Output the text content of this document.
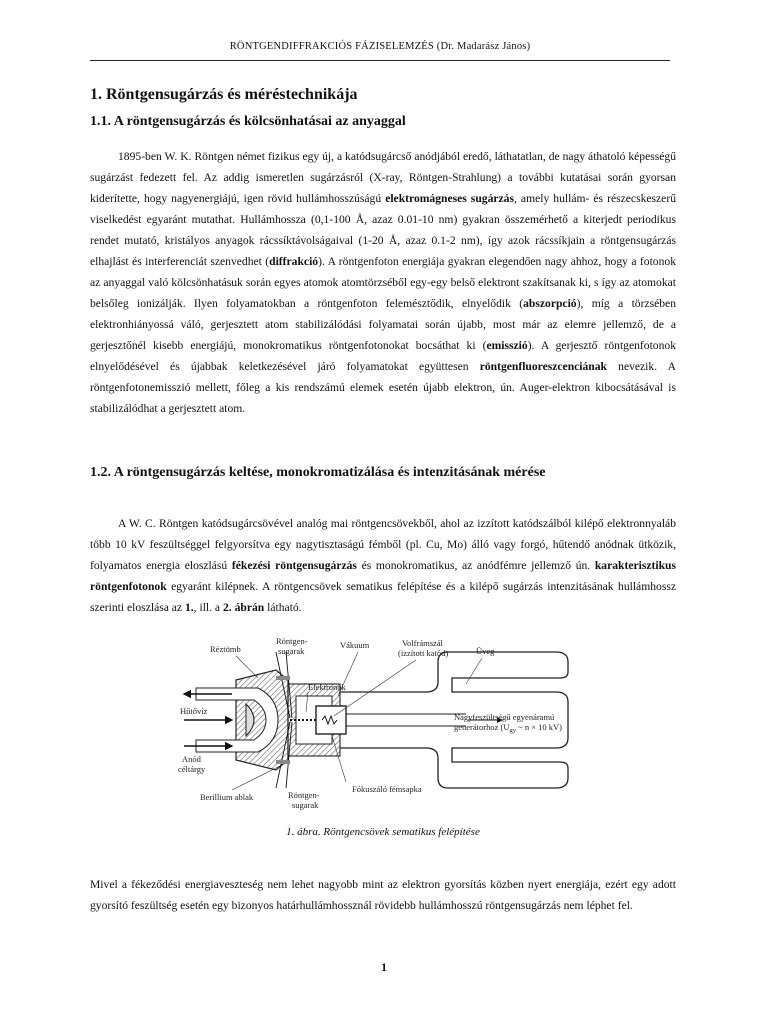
RÖNTGENDIFFRAKCIÓS FÁZISELEMZÉS (Dr. Madarász János)
1. Röntgensugárzás és méréstechnikája
1.1. A röntgensugárzás és kölcsönhatásai az anyaggal

1895-ben W. K. Röntgen német fizikus egy új, a katódsugárcső anódjából eredő, láthatatlan, de nagy áthatoló képességű sugárzást fedezett fel. Az addig ismeretlen sugárzásról (X-ray, Röntgen-Strahlung) a további kutatásai során gyorsan kiderítette, hogy nagyenergiájú, igen rövid hullámhosszúságú elektromágneses sugárzás, amely hullám- és részecskeszerű viselkedést egyaránt mutathat. Hullámhossza (0,1-100 Å, azaz 0.01-10 nm) gyakran összemérhető a kiterjedt periodikus rendet mutató, kristályos anyagok rácssíktávolságaival (1-20 Å, azaz 0.1-2 nm), így azok rácssíkjain a röntgensugárzás elhajlást és interferenciát szenvedhet (diffrakció). A röntgenfoton energiája gyakran elegendően nagy ahhoz, hogy a fotonok az anyaggal való kölcsönhatásuk során egyes atomok atomtörzséből egy-egy belső elektront szakítsanak ki, s így az atomokat belsőleg ionizálják. Ilyen folyamatokban a röntgenfoton felemésztődik, elnyelődik (abszorpció), míg a törzsében elektronhiányossá váló, gerjesztett atom stabilizálódási folyamatai során újabb, most már az elemre jellemző, de a gerjesztőnél kisebb energiájú, monokromatikus röntgenfotonokat bocsáthat ki (emisszió). A gerjesztő röntgenfotonok elnyelődésével és újabbak keletkezésével járó folyamatokat együttesen röntgenfluoreszcenciának nevezik. A röntgenfotonemisszió mellett, főleg a kis rendszámú elemek esetén újabb elektron, ún. Auger-elektron kibocsátásával is stabilizálódhat a gerjesztett atom.

1.2. A röntgensugárzás keltése, monokromatizálása és intenzitásának mérése

A W. C. Röntgen katódsugárcsövével analóg mai röntgencsövekből, ahol az izzított katódszálból kilépő elektronnyaláb több 10 kV feszültséggel felgyorsítva egy nagytisztaságú fémből (pl. Cu, Mo) álló vagy forgó, hűtendő anódnak ütközik, folyamatos energia eloszlású fékezési röntgensugárzás és monokromatikus, az anódfémre jellemző ún. karakterisztikus röntgenfotonok egyaránt kilépnek. A röntgencsövek sematikus felépítése és a kilépő sugárzás intenzitásának hullámhossz szerinti eloszlása az 1., ill. a 2. ábrán látható.

Réztömb
Röntgen-
sugarak
Vákuum	Volfrámszál
(izzított katód)	Üveg
Elektronok
Hűtővíz
Anód
céltárgy
Nagyfeszültségű egyenáramú
generátorhoz ($U_{gy}$ ~ n × 10 kV)
Berillium ablak	Röntgen-
sugarak
Fókuszáló fémsapka
1. ábra. Röntgencsövek sematikus felépítése

Mivel a fékeződési energiaveszteség nem lehet nagyobb mint az elektron gyorsítás közben nyert energiája, ezért egy adott gyorsító feszültség esetén egy bizonyos határhullámhossznál rövidebb hullámhosszú röntgensugárzás nem léphet fel.

1
